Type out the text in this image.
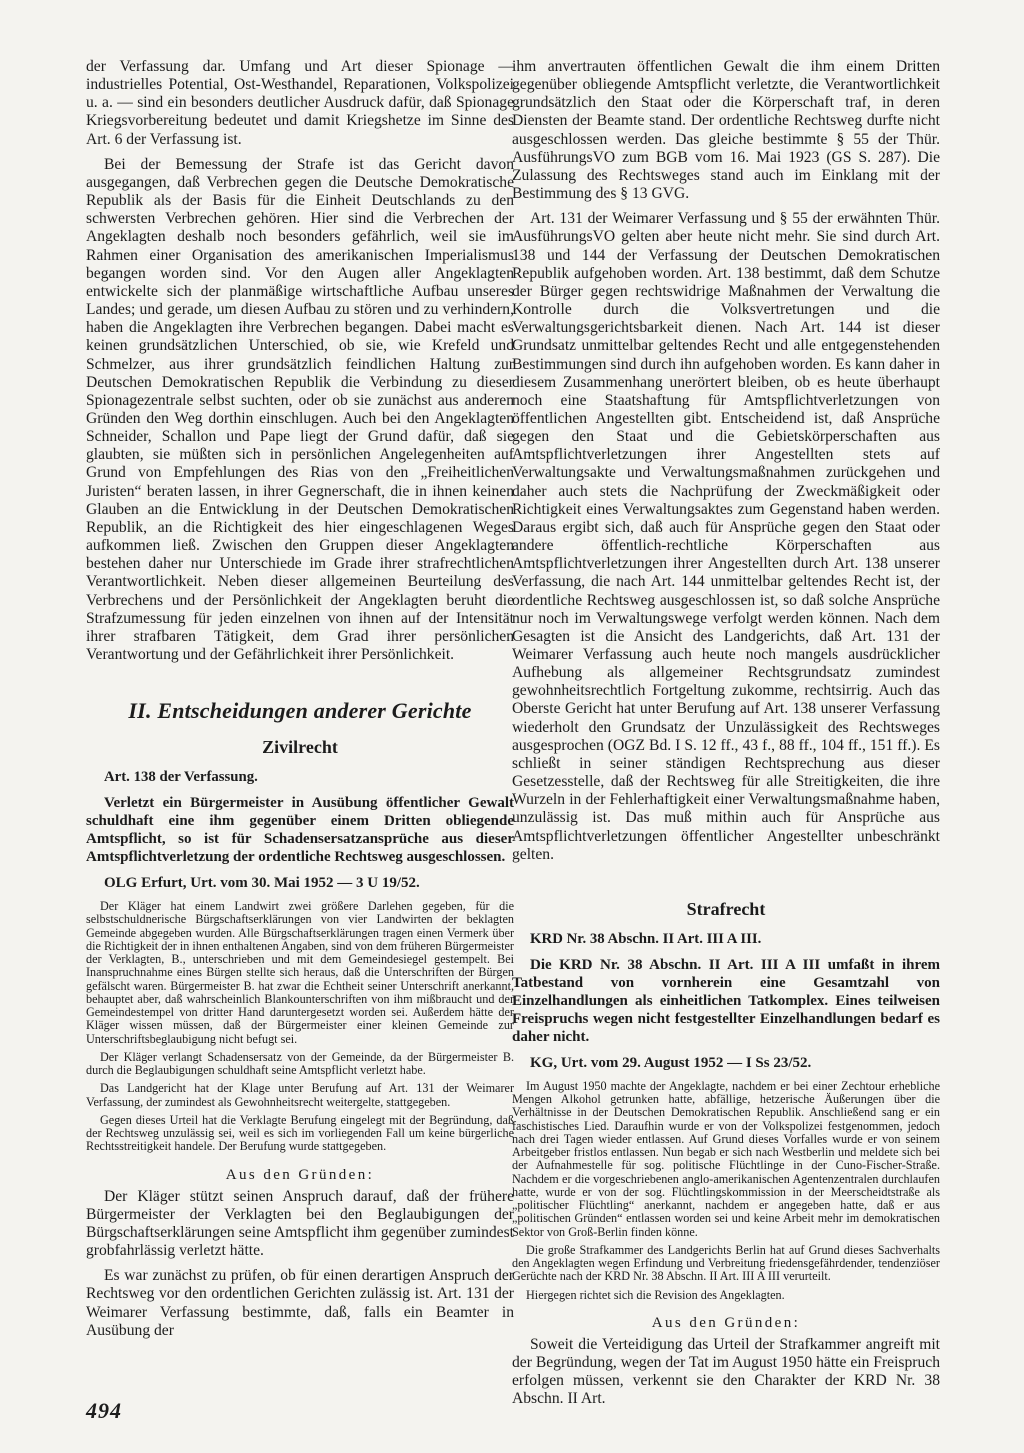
der Verfassung dar. Umfang und Art dieser Spionage — industrielles Potential, Ost-Westhandel, Reparationen, Volkspolizei u. a. — sind ein besonders deutlicher Ausdruck dafür, daß Spionage Kriegsvorbereitung bedeutet und damit Kriegshetze im Sinne des Art. 6 der Verfassung ist.

Bei der Bemessung der Strafe ist das Gericht davon ausgegangen, daß Verbrechen gegen die Deutsche Demokratische Republik als der Basis für die Einheit Deutschlands zu den schwersten Verbrechen gehören. Hier sind die Verbrechen der Angeklagten deshalb noch besonders gefährlich, weil sie im Rahmen einer Organisation des amerikanischen Imperialismus begangen worden sind. Vor den Augen aller Angeklagten entwickelte sich der planmäßige wirtschaftliche Aufbau unseres Landes; und gerade, um diesen Aufbau zu stören und zu verhindern, haben die Angeklagten ihre Verbrechen begangen. Dabei macht es keinen grundsätzlichen Unterschied, ob sie, wie Krefeld und Schmelzer, aus ihrer grundsätzlich feindlichen Haltung zur Deutschen Demokratischen Republik die Verbindung zu dieser Spionagezentrale selbst suchten, oder ob sie zunächst aus anderen Gründen den Weg dorthin einschlugen. Auch bei den Angeklagten Schneider, Schallon und Pape liegt der Grund dafür, daß sie glaubten, sie müßten sich in persönlichen Angelegenheiten auf Grund von Empfehlungen des Rias von den „Freiheitlichen Juristen“ beraten lassen, in ihrer Gegnerschaft, die in ihnen keinen Glauben an die Entwicklung in der Deutschen Demokratischen Republik, an die Richtigkeit des hier eingeschlagenen Weges aufkommen ließ. Zwischen den Gruppen dieser Angeklagten bestehen daher nur Unterschiede im Grade ihrer strafrechtlichen Verantwortlichkeit. Neben dieser allgemeinen Beurteilung des Verbrechens und der Persönlichkeit der Angeklagten beruht die Strafzumessung für jeden einzelnen von ihnen auf der Intensität ihrer strafbaren Tätigkeit, dem Grad ihrer persönlichen Verantwortung und der Gefährlichkeit ihrer Persönlichkeit.

II. Entscheidungen anderer Gerichte

Zivilrecht

Art. 138 der Verfassung.

Verletzt ein Bürgermeister in Ausübung öffentlicher Gewalt schuldhaft eine ihm gegenüber einem Dritten obliegende Amtspflicht, so ist für Schadensersatzansprüche aus dieser Amtspflichtverletzung der ordentliche Rechtsweg ausgeschlossen.

OLG Erfurt, Urt. vom 30. Mai 1952 — 3 U 19/52.

Der Kläger hat einem Landwirt zwei größere Darlehen gegeben, für die selbstschuldnerische Bürgschaftserklärungen von vier Landwirten der beklagten Gemeinde abgegeben wurden. Alle Bürgschaftserklärungen tragen einen Vermerk über die Richtigkeit der in ihnen enthaltenen Angaben, sind von dem früheren Bürgermeister der Verklagten, B., unterschrieben und mit dem Gemeindesiegel gestempelt. Bei Inanspruchnahme eines Bürgen stellte sich heraus, daß die Unterschriften der Bürgen gefälscht waren. Bürgermeister B. hat zwar die Echtheit seiner Unterschrift anerkannt, behauptet aber, daß wahrscheinlich Blankounterschriften von ihm mißbraucht und der Gemeindestempel von dritter Hand daruntergesetzt worden sei. Außerdem hätte der Kläger wissen müssen, daß der Bürgermeister einer kleinen Gemeinde zur Unterschriftsbeglaubigung nicht befugt sei.

Der Kläger verlangt Schadensersatz von der Gemeinde, da der Bürgermeister B. durch die Beglaubigungen schuldhaft seine Amtspflicht verletzt habe.

Das Landgericht hat der Klage unter Berufung auf Art. 131 der Weimarer Verfassung, der zumindest als Gewohnheitsrecht weitergelte, stattgegeben.

Gegen dieses Urteil hat die Verklagte Berufung eingelegt mit der Begründung, daß der Rechtsweg unzulässig sei, weil es sich im vorliegenden Fall um keine bürgerliche Rechtsstreitigkeit handele. Der Berufung wurde stattgegeben.

Aus den Gründen:

Der Kläger stützt seinen Anspruch darauf, daß der frühere Bürgermeister der Verklagten bei den Beglaubigungen der Bürgschaftserklärungen seine Amtspflicht ihm gegenüber zumindest grobfahrlässig verletzt hätte.

Es war zunächst zu prüfen, ob für einen derartigen Anspruch der Rechtsweg vor den ordentlichen Gerichten zulässig ist. Art. 131 der Weimarer Verfassung bestimmte, daß, falls ein Beamter in Ausübung der

ihm anvertrauten öffentlichen Gewalt die ihm einem Dritten gegenüber obliegende Amtspflicht verletzte, die Verantwortlichkeit grundsätzlich den Staat oder die Körperschaft traf, in deren Diensten der Beamte stand. Der ordentliche Rechtsweg durfte nicht ausgeschlossen werden. Das gleiche bestimmte § 55 der Thür. AusführungsVO zum BGB vom 16. Mai 1923 (GS S. 287). Die Zulassung des Rechtsweges stand auch im Einklang mit der Bestimmung des § 13 GVG.

Art. 131 der Weimarer Verfassung und § 55 der erwähnten Thür. AusführungsVO gelten aber heute nicht mehr. Sie sind durch Art. 138 und 144 der Verfassung der Deutschen Demokratischen Republik aufgehoben worden. Art. 138 bestimmt, daß dem Schutze der Bürger gegen rechtswidrige Maßnahmen der Verwaltung die Kontrolle durch die Volksvertretungen und die Verwaltungsgerichtsbarkeit dienen. Nach Art. 144 ist dieser Grundsatz unmittelbar geltendes Recht und alle entgegenstehenden Bestimmungen sind durch ihn aufgehoben worden. Es kann daher in diesem Zusammenhang unerörtert bleiben, ob es heute überhaupt noch eine Staatshaftung für Amtspflichtverletzungen von öffentlichen Angestellten gibt. Entscheidend ist, daß Ansprüche gegen den Staat und die Gebietskörperschaften aus Amtspflichtverletzungen ihrer Angestellten stets auf Verwaltungsakte und Verwaltungsmaßnahmen zurückgehen und daher auch stets die Nachprüfung der Zweckmäßigkeit oder Richtigkeit eines Verwaltungsaktes zum Gegenstand haben werden. Daraus ergibt sich, daß auch für Ansprüche gegen den Staat oder andere öffentlich-rechtliche Körperschaften aus Amtspflichtverletzungen ihrer Angestellten durch Art. 138 unserer Verfassung, die nach Art. 144 unmittelbar geltendes Recht ist, der ordentliche Rechtsweg ausgeschlossen ist, so daß solche Ansprüche nur noch im Verwaltungswege verfolgt werden können. Nach dem Gesagten ist die Ansicht des Landgerichts, daß Art. 131 der Weimarer Verfassung auch heute noch mangels ausdrücklicher Aufhebung als allgemeiner Rechtsgrundsatz zumindest gewohnheitsrechtlich Fortgeltung zukomme, rechtsirrig. Auch das Oberste Gericht hat unter Berufung auf Art. 138 unserer Verfassung wiederholt den Grundsatz der Unzulässigkeit des Rechtsweges ausgesprochen (OGZ Bd. I S. 12 ff., 43 f., 88 ff., 104 ff., 151 ff.). Es schließt in seiner ständigen Rechtsprechung aus dieser Gesetzesstelle, daß der Rechtsweg für alle Streitigkeiten, die ihre Wurzeln in der Fehlerhaftigkeit einer Verwaltungsmaßnahme haben, unzulässig ist. Das muß mithin auch für Ansprüche aus Amtspflichtverletzungen öffentlicher Angestellter unbeschränkt gelten.

Strafrecht

KRD Nr. 38 Abschn. II Art. III A III.

Die KRD Nr. 38 Abschn. II Art. III A III umfaßt in ihrem Tatbestand von vornherein eine Gesamtzahl von Einzelhandlungen als einheitlichen Tatkomplex. Eines teilweisen Freispruchs wegen nicht festgestellter Einzelhandlungen bedarf es daher nicht.

KG, Urt. vom 29. August 1952 — I Ss 23/52.

Im August 1950 machte der Angeklagte, nachdem er bei einer Zechtour erhebliche Mengen Alkohol getrunken hatte, abfällige, hetzerische Äußerungen über die Verhältnisse in der Deutschen Demokratischen Republik. Anschließend sang er ein faschistisches Lied. Daraufhin wurde er von der Volkspolizei festgenommen, jedoch nach drei Tagen wieder entlassen. Auf Grund dieses Vorfalles wurde er von seinem Arbeitgeber fristlos entlassen. Nun begab er sich nach Westberlin und meldete sich bei der Aufnahmestelle für sog. politische Flüchtlinge in der Cuno-Fischer-Straße. Nachdem er die vorgeschriebenen anglo-amerikanischen Agentenzentralen durchlaufen hatte, wurde er von der sog. Flüchtlingskommission in der Meerscheidtstraße als „politischer Flüchtling“ anerkannt, nachdem er angegeben hatte, daß er aus „politischen Gründen“ entlassen worden sei und keine Arbeit mehr im demokratischen Sektor von Groß-Berlin finden könne.

Die große Strafkammer des Landgerichts Berlin hat auf Grund dieses Sachverhalts den Angeklagten wegen Erfindung und Verbreitung friedensgefährdender, tendenziöser Gerüchte nach der KRD Nr. 38 Abschn. II Art. III A III verurteilt.

Hiergegen richtet sich die Revision des Angeklagten.

Aus den Gründen:

Soweit die Verteidigung das Urteil der Strafkammer angreift mit der Begründung, wegen der Tat im August 1950 hätte ein Freispruch erfolgen müssen, verkennt sie den Charakter der KRD Nr. 38 Abschn. II Art.

494
